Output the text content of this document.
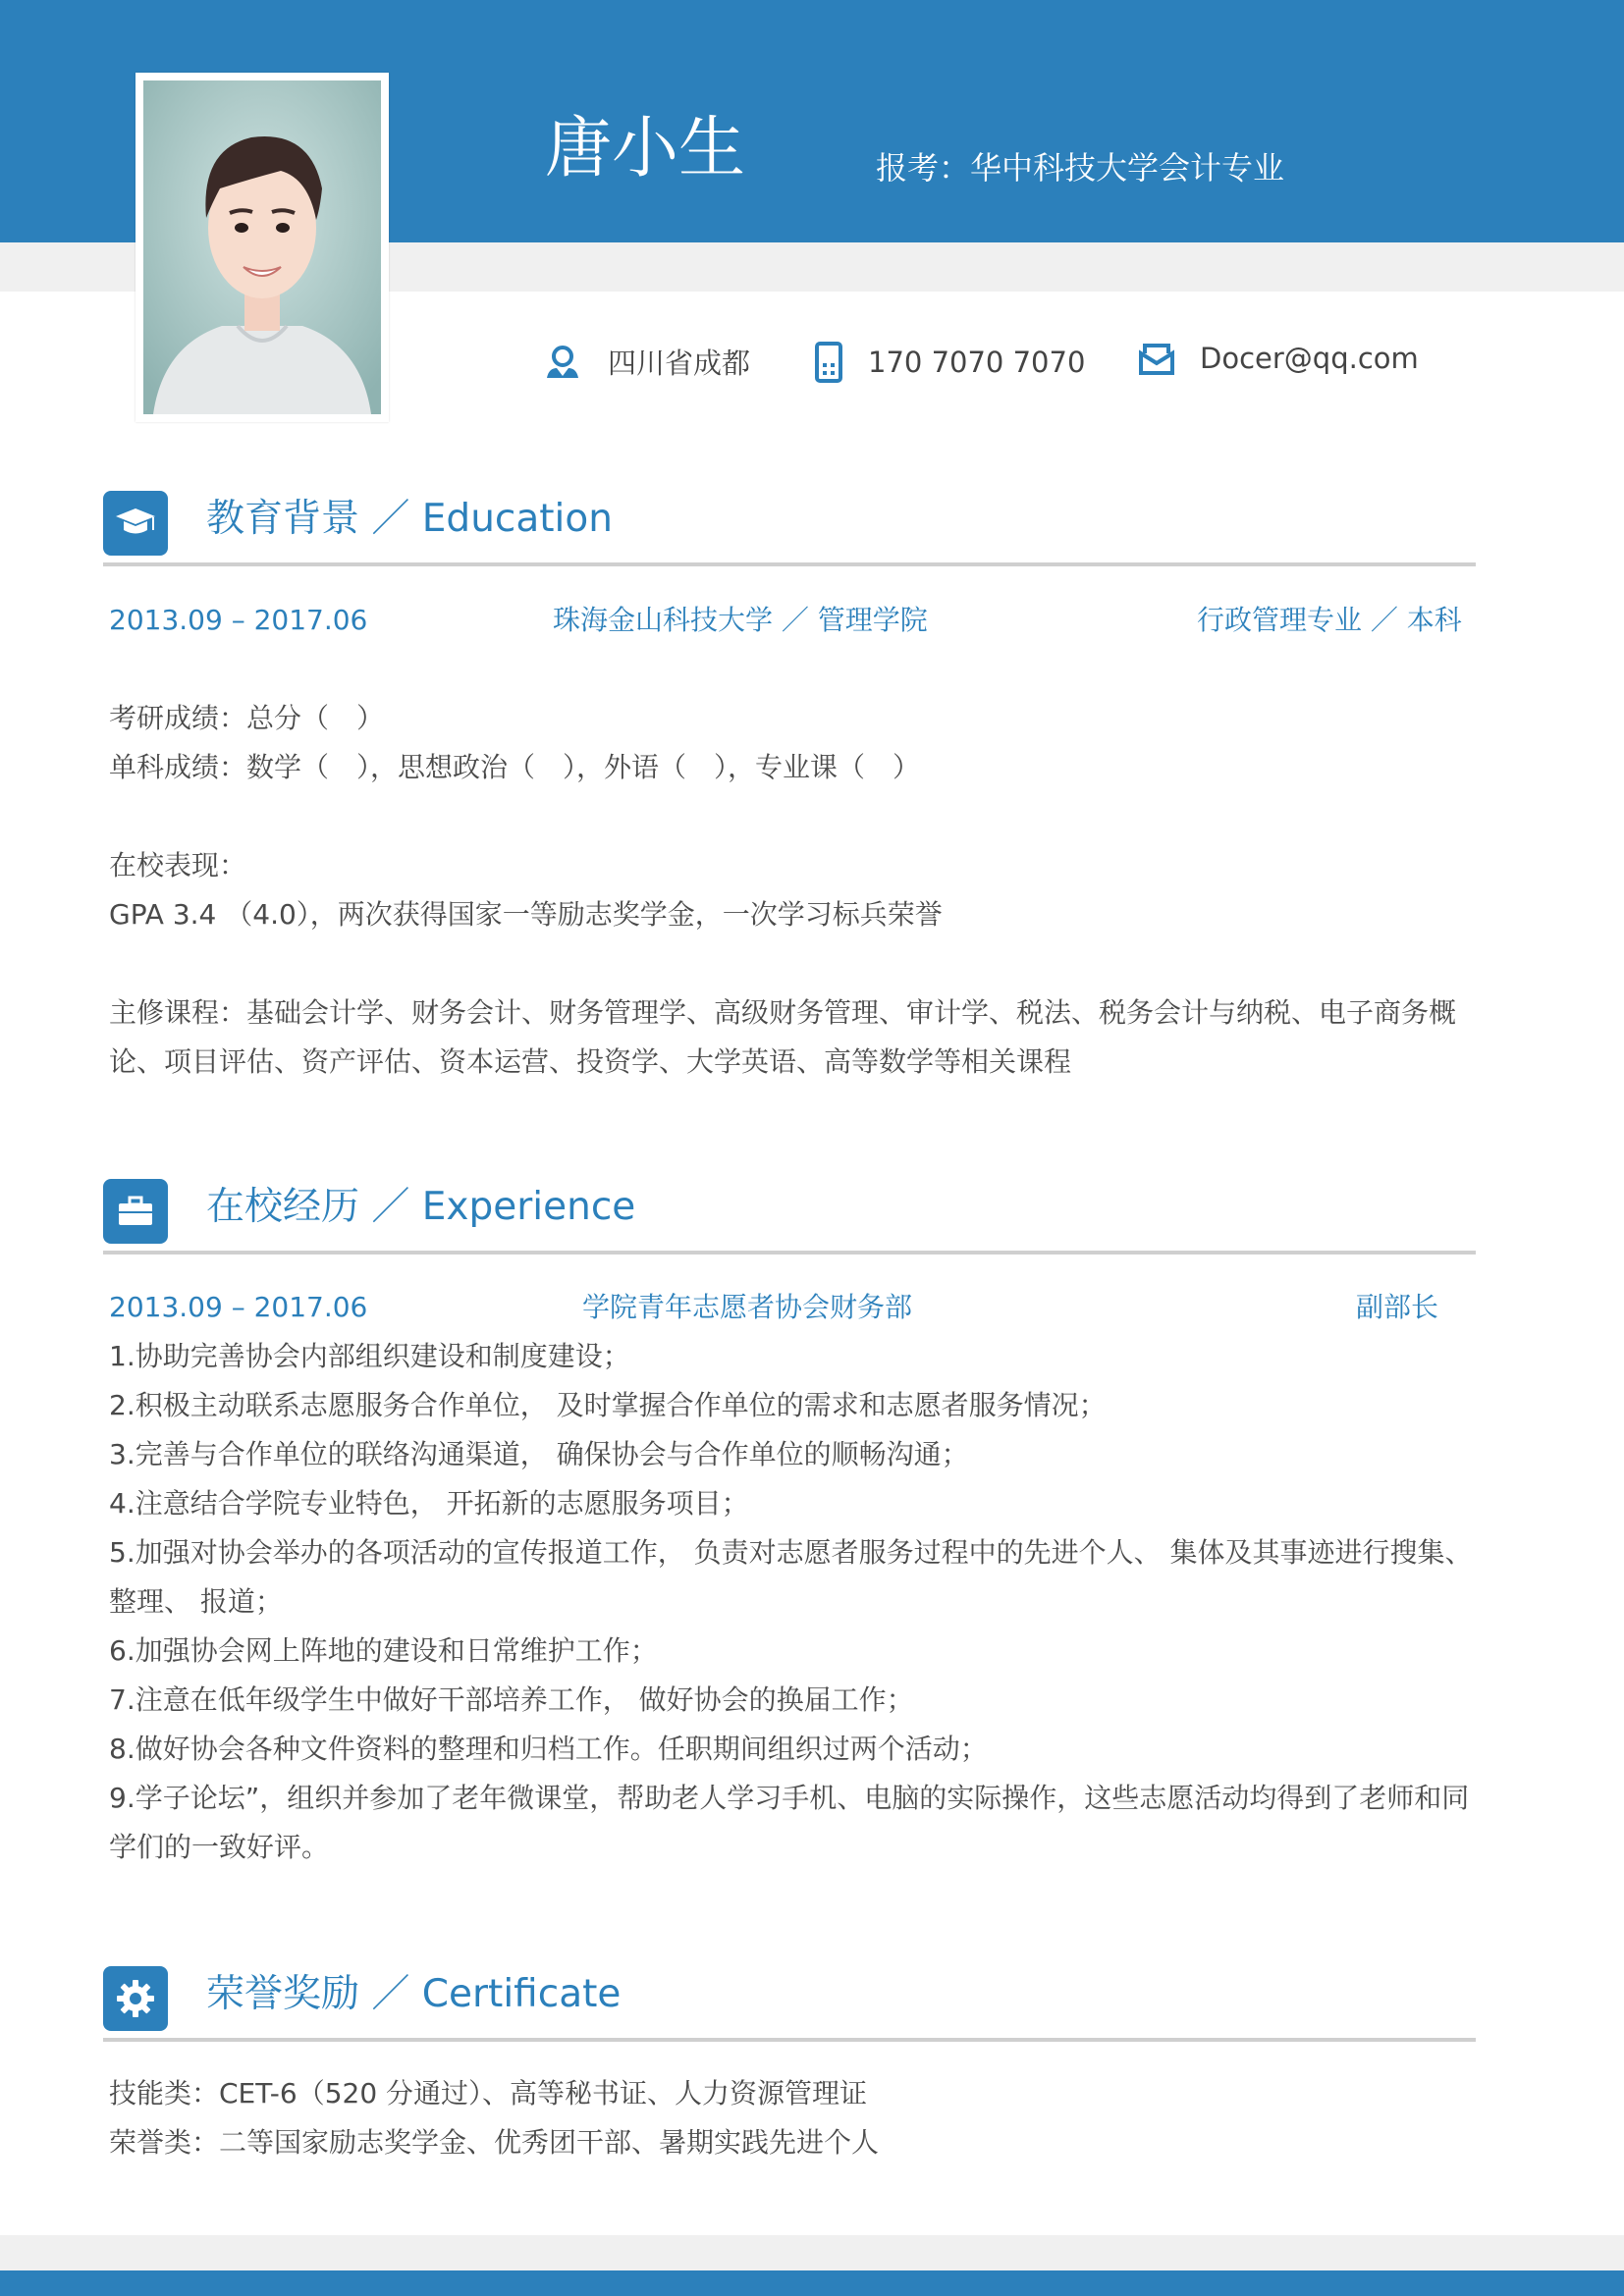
唐小生	报考：华中科技大学会计专业
四川省成都	170 7070 7070	Docer@qq.com
教育背景 ／ Education
2013.09 – 2017.06	珠海金山科技大学 ／ 管理学院	行政管理专业 ／ 本科

考研成绩：总分（　）

单科成绩：数学（　），思想政治（　），外语（　），专业课（　）

在校表现：

GPA 3.4 （4.0），两次获得国家一等励志奖学金，一次学习标兵荣誉

主修课程：基础会计学、财务会计、财务管理学、高级财务管理、审计学、税法、税务会计与纳税、电子商务概论、项目评估、资产评估、资本运营、投资学、大学英语、高等数学等相关课程

在校经历 ／ Experience
2013.09 – 2017.06	学院青年志愿者协会财务部	副部长

1.协助完善协会内部组织建设和制度建设；

2.积极主动联系志愿服务合作单位， 及时掌握合作单位的需求和志愿者服务情况；

3.完善与合作单位的联络沟通渠道， 确保协会与合作单位的顺畅沟通；

4.注意结合学院专业特色， 开拓新的志愿服务项目；

5.加强对协会举办的各项活动的宣传报道工作， 负责对志愿者服务过程中的先进个人、 集体及其事迹进行搜集、 整理、 报道；

6.加强协会网上阵地的建设和日常维护工作；

7.注意在低年级学生中做好干部培养工作， 做好协会的换届工作；

8.做好协会各种文件资料的整理和归档工作。任职期间组织过两个活动；

9.学子论坛”，组织并参加了老年微课堂，帮助老人学习手机、电脑的实际操作，这些志愿活动均得到了老师和同学们的一致好评。

荣誉奖励 ／ Certificate

技能类：CET-6（520 分通过）、高等秘书证、人力资源管理证

荣誉类：二等国家励志奖学金、优秀团干部、暑期实践先进个人
